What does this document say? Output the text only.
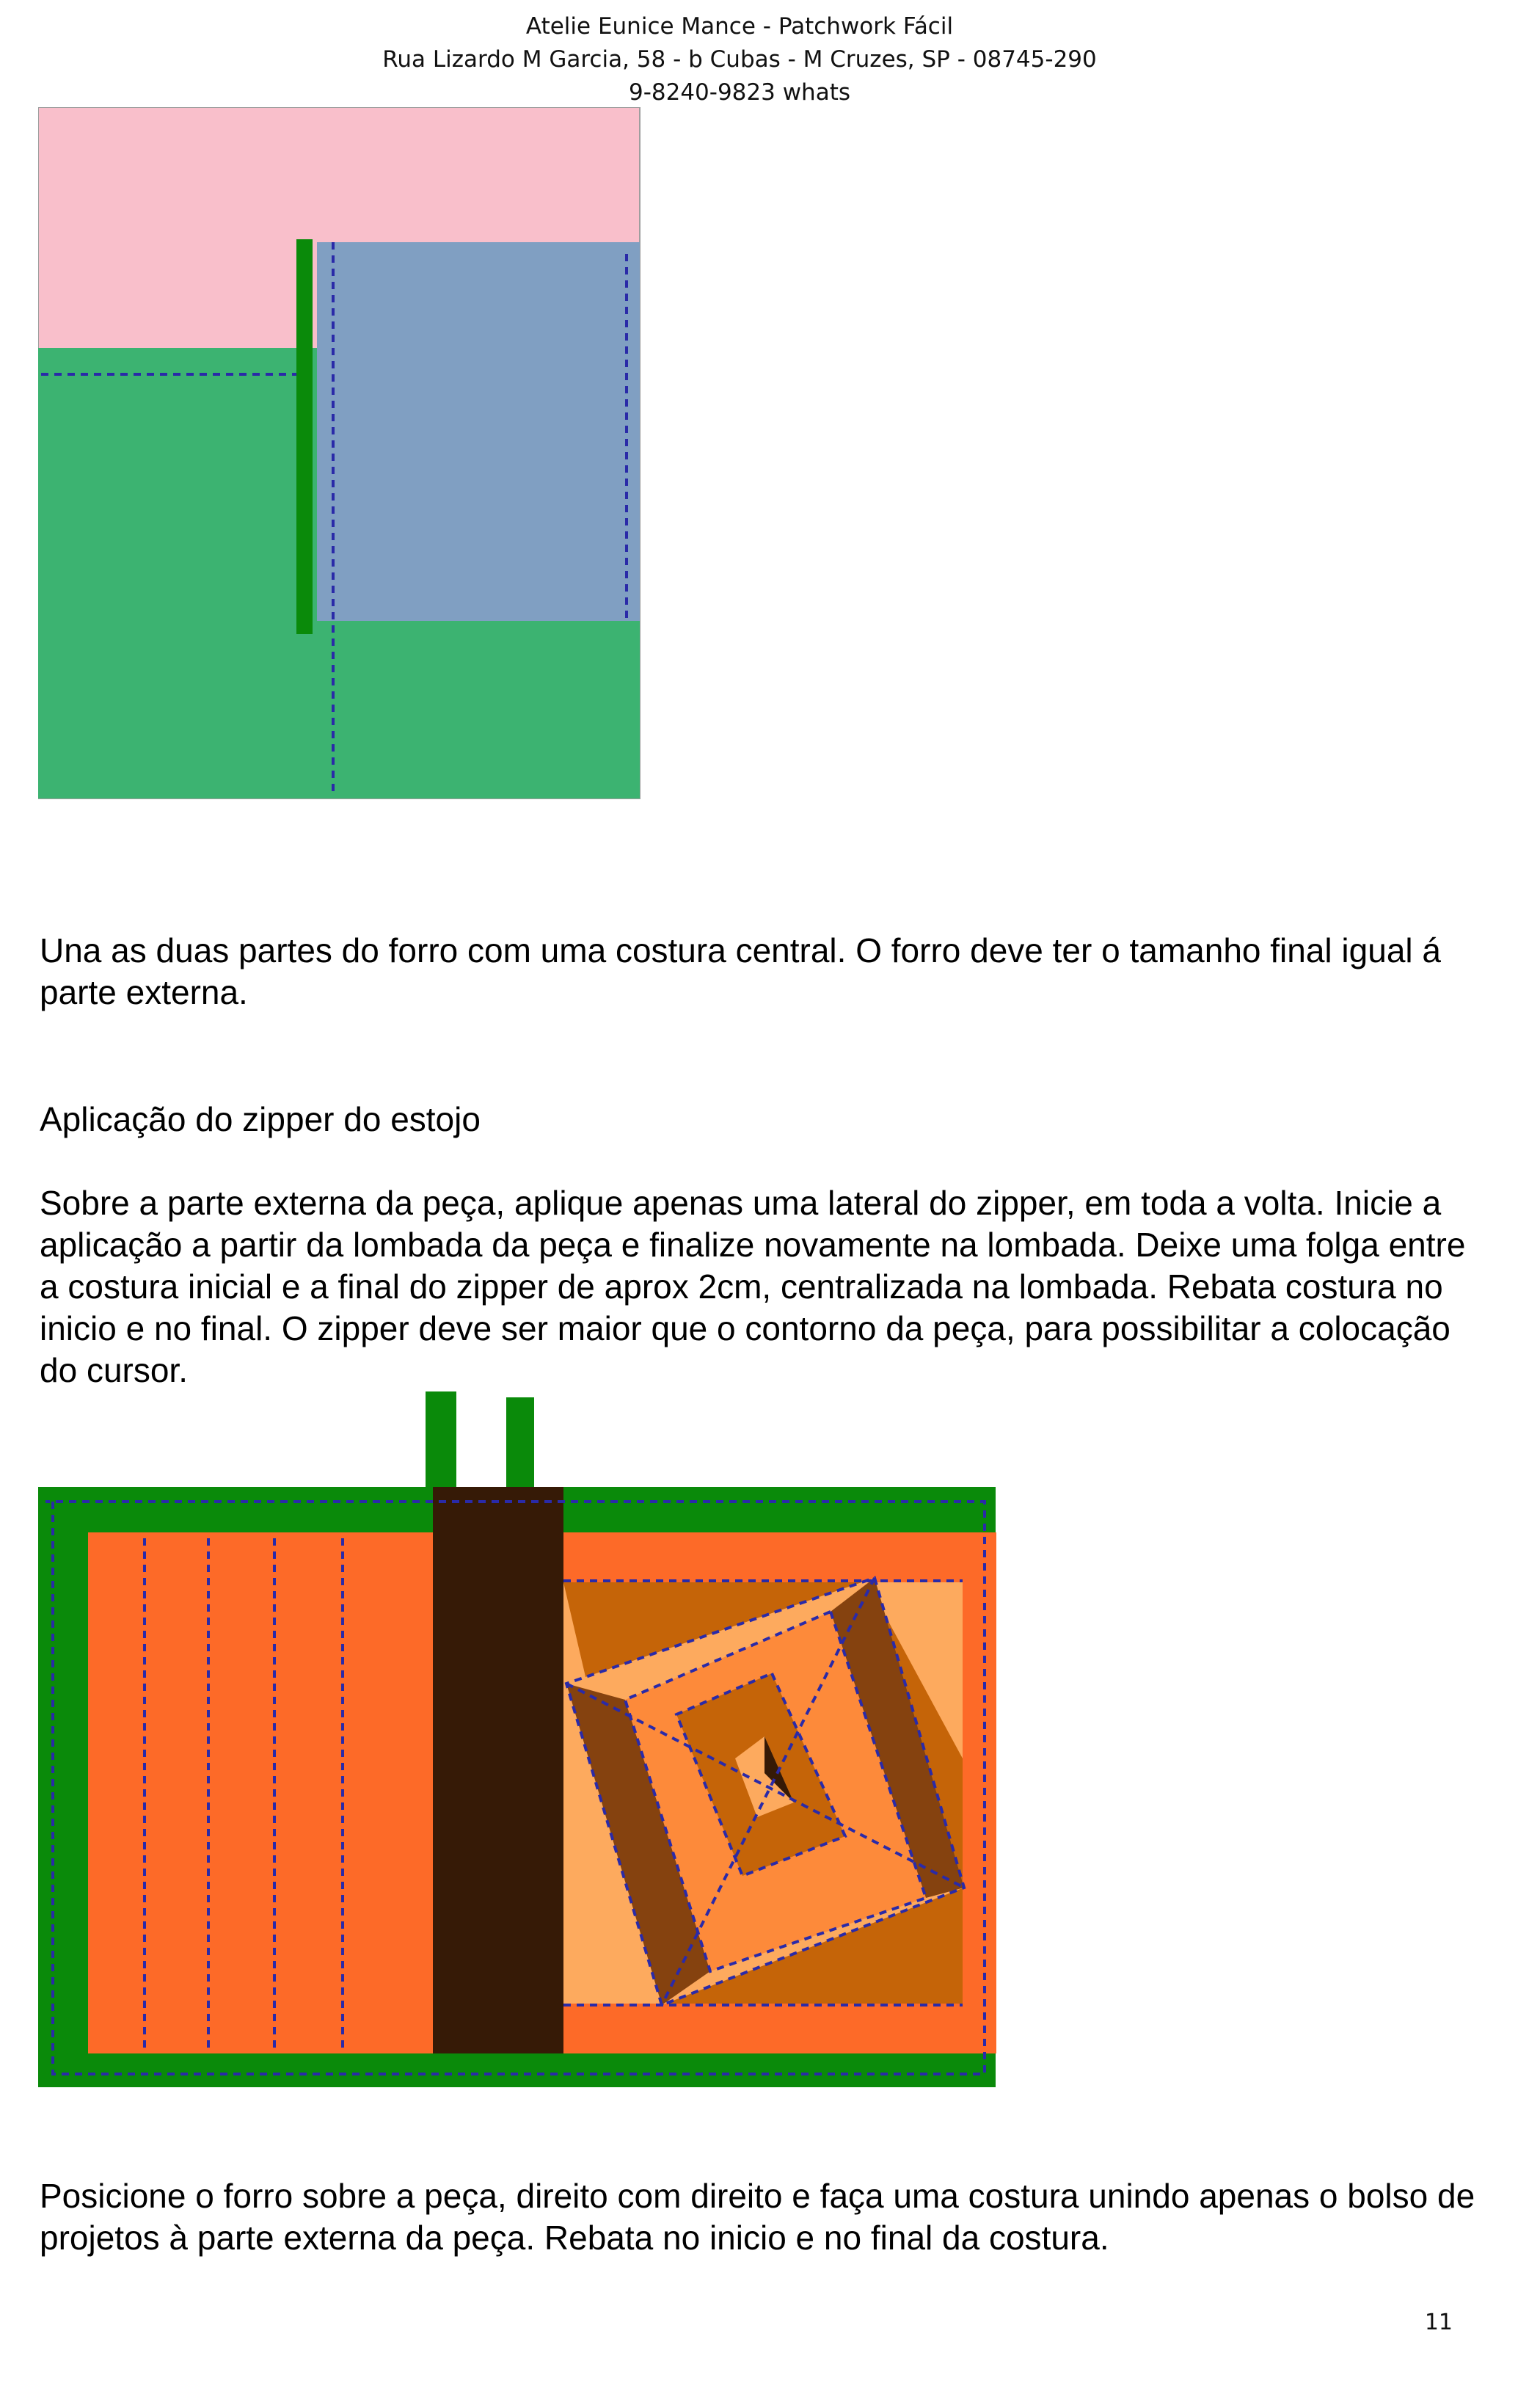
Atelie Eunice Mance - Patchwork Fácil
Rua Lizardo M Garcia, 58 - b Cubas - M Cruzes, SP - 08745-290
9-8240-9823 whats

Una as duas partes do forro com uma costura central. O forro deve ter o tamanho final igual á parte externa.

Aplicação do zipper do estojo

Sobre a parte externa da peça, aplique apenas uma lateral do zipper, em toda a volta. Inicie a aplicação a partir da lombada da peça e finalize novamente na lombada. Deixe uma folga entre a costura inicial e a final do zipper de aprox 2cm, centralizada na lombada. Rebata costura no inicio e no final. O zipper deve ser maior que o contorno da peça, para possibilitar a colocação do cursor.

Posicione o forro sobre a peça, direito com direito e faça uma costura unindo apenas o bolso de projetos à parte externa da peça. Rebata no inicio e no final da costura.

11
